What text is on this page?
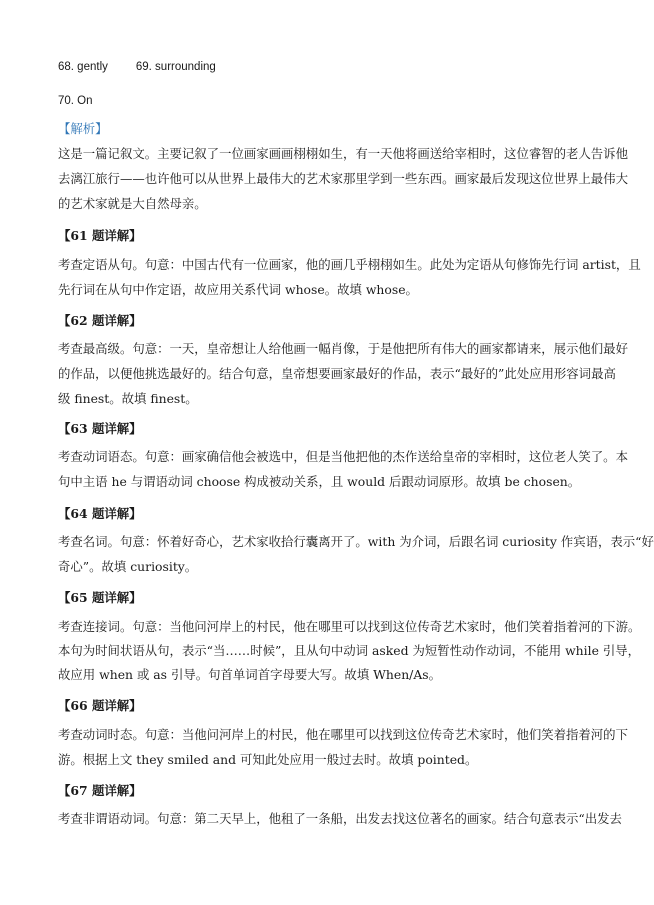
68. gently 69. surrounding
70. On
【解析】
这是一篇记叙文。主要记叙了一位画家画画栩栩如生，有一天他将画送给宰相时，这位睿智的老人告诉他
去漓江旅行——也许他可以从世界上最伟大的艺术家那里学到一些东西。画家最后发现这位世界上最伟大
的艺术家就是大自然母亲。
【61 题详解】
考查定语从句。句意：中国古代有一位画家，他的画几乎栩栩如生。此处为定语从句修饰先行词 artist，且
先行词在从句中作定语，故应用关系代词 whose。故填 whose。
【62 题详解】
考查最高级。句意：一天，皇帝想让人给他画一幅肖像，于是他把所有伟大的画家都请来，展示他们最好
的作品，以便他挑选最好的。结合句意，皇帝想要画家最好的作品，表示“最好的”此处应用形容词最高
级 finest。故填 finest。
【63 题详解】
考查动词语态。句意：画家确信他会被选中，但是当他把他的杰作送给皇帝的宰相时，这位老人笑了。本
句中主语 he 与谓语动词 choose 构成被动关系，且 would 后跟动词原形。故填 be chosen。
【64 题详解】
考查名词。句意：怀着好奇心，艺术家收拾行囊离开了。with 为介词，后跟名词 curiosity 作宾语，表示“好
奇心”。故填 curiosity。
【65 题详解】
考查连接词。句意：当他问河岸上的村民，他在哪里可以找到这位传奇艺术家时，他们笑着指着河的下游。
本句为时间状语从句，表示“当……时候”，且从句中动词 asked 为短暂性动作动词，不能用 while 引导，
故应用 when 或 as 引导。句首单词首字母要大写。故填 When/As。
【66 题详解】
考查动词时态。句意：当他问河岸上的村民，他在哪里可以找到这位传奇艺术家时，他们笑着指着河的下
游。根据上文 they smiled and 可知此处应用一般过去时。故填 pointed。
【67 题详解】
考查非谓语动词。句意：第二天早上，他租了一条船，出发去找这位著名的画家。结合句意表示“出发去
